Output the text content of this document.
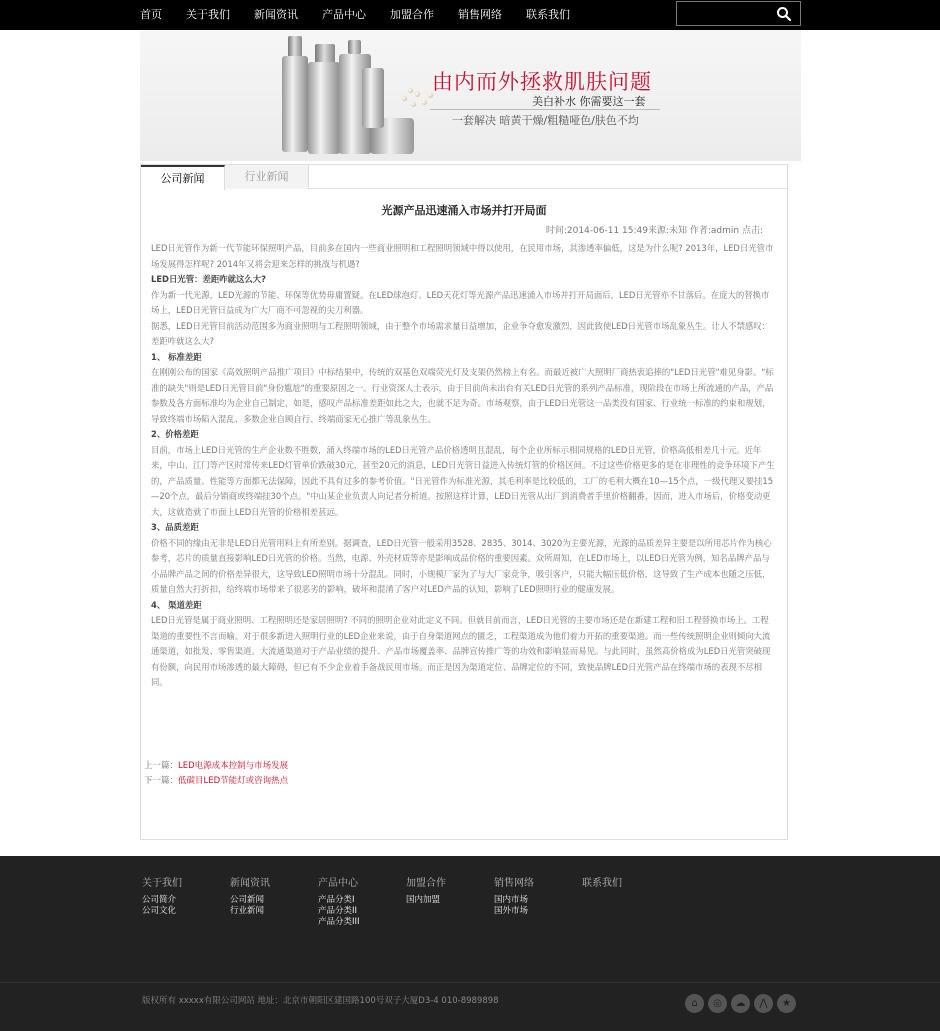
首页	关于我们	新闻资讯	产品中心	加盟合作	销售网络	联系我们
由内而外拯救肌肤问题
美白补水 你需要这一套
一套解决 暗黄干燥/粗糙哑色/肤色不均
公司新闻	行业新闻
光源产品迅速涌入市场并打开局面
时间:2014-06-11 15:49来源:未知 作者:admin 点击:

LED日光管作为新一代节能环保照明产品，目前多在国内一些商业照明和工程照明领域中得以使用，在民用市场，其渗透率偏低，这是为什么呢? 2013年，LED日光管市场发展得怎样呢? 2014年又将会迎来怎样的挑战与机遇?

LED日光管：差距咋就这么大?

作为新一代光源，LED光源的节能、环保等优势毋庸置疑。在LED球泡灯、LED天花灯等光源产品迅速涌入市场并打开局面后，LED日光管亦不甘落后。在庞大的替换市场上，LED日光管日益成为广大厂商不可忽视的尖刀利器。

据悉，LED日光管目前活动范围多为商业照明与工程照明领域，由于整个市场需求量日益增加，企业争夺愈发激烈，因此致使LED日光管市场乱象丛生。让人不禁感叹：差距咋就这么大?

1、 标准差距

在刚刚公布的国家《高效照明产品推广项目》中标结果中，传统的双基色双端荧光灯及支架仍然榜上有名。而最近被广大照明厂商热衷追捧的"LED日光管"难见身影。"标准的缺失"则是LED日光管目前"身份尴尬"的重要原因之一。行业资深人士表示，由于目前尚未出台有关LED日光管的系列产品标准，现阶段在市场上所流通的产品，产品参数及各方面标准均为企业自己制定，如是，感叹产品标准差距如此之大，也就不足为奇。市场观察，由于LED日光管这一品类没有国家、行业统一标准的约束和规划，导致终端市场陷入混乱、多数企业自顾自行、终端商家无心推广等乱象丛生。

2、价格差距

目前，市场上LED日光管的生产企业数不胜数，涌入终端市场的LED日光管产品价格透明且混乱，每个企业所标示相同规格的LED日光管，价格高低相差几十元。近年来，中山、江门等产区时常传来LED灯管单价跌破30元，甚至20元的消息，LED日光管日益进入传统灯管的价格区间。不过这些价格更多的是在非理性的竞争环境下产生的，产品质量、性能等方面都无法保障，因此不具有过多的参考价值。"日光管作为标准光源，其毛利率是比较低的，工厂的毛利大概在10—15个点，一级代理又要挂15—20个点，最后分销商或终端挂30个点。"中山某企业负责人向记者分析道。按照这样计算，LED日光管从出厂到消费者手里价格翻番，因而，进入市场后，价格变动更大，这就造就了市面上LED日光管的价格相差甚远。

3、品质差距

价格不同的缘由无非是LED日光管用料上有所差别。据调查，LED日光管一般采用3528、2835、3014、3020为主要光源，光源的品质差异主要是以所用芯片作为核心参考，芯片的质量直接影响LED日光管的价格。当然，电源、外壳材质等亦是影响成品价格的重要因素。众所周知，在LED市场上，以LED日光管为例，知名品牌产品与小品牌产品之间的价格差异很大，这导致LED照明市场十分混乱。同时，小规模厂家为了与大厂家竞争，吸引客户，只能大幅压低价格，这导致了生产成本也随之压低，质量自然大打折扣，给终端市场带来了很恶劣的影响，破坏和混淆了客户对LED产品的认知，影响了LED照明行业的健康发展。

4、 渠道差距

LED日光管是属于商业照明、工程照明还是家居照明? 不同的照明企业对此定义不同。但就目前而言，LED日光管的主要市场还是在新建工程和旧工程替换市场上。工程渠道的重要性不言而喻。对于很多新进入照明行业的LED企业来说，由于自身渠道网点的匮乏，工程渠道成为他们着力开拓的重要渠道。而一些传统照明企业则倾向大流通渠道，如批发、零售渠道。大流通渠道对于产品业绩的提升、产品市场覆盖率、品牌宣传推广等的功效和影响显而易见。与此同时，虽然高价格成为LED日光管突破现有份额，向民用市场渗透的最大障碍，但已有不少企业着手备战民用市场。而正是因为渠道定位、品牌定位的不同，致使品牌LED日光管产品在终端市场的表现不尽相同。

上一篇：LED电源成本控制与市场发展
下一篇：低碳目LED节能灯或咨询热点
关于我们
公司简介
公司文化
新闻资讯
公司新闻
行业新闻
产品中心
产品分类I
产品分类II
产品分类III
加盟合作
国内加盟
销售网络
国内市场
国外市场
联系我们
版权所有 xxxxx有限公司网站 地址：北京市朝阳区建国路100号双子大厦D3-4 010-8989898	⌂	◎	☁	⋀	★
